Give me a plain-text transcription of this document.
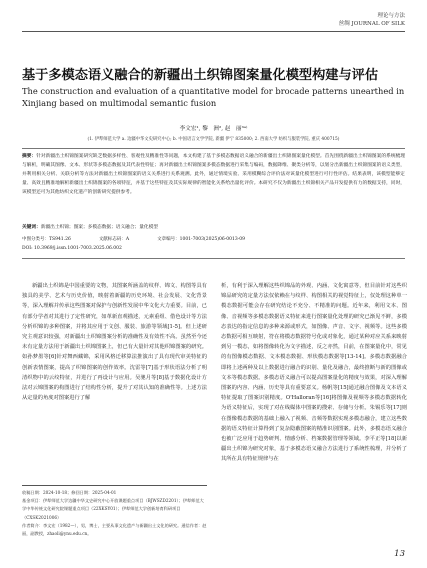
理论与方法
丝绸 JOURNAL OF SILK
基于多模态语义融合的新疆出土织锦图案量化模型构建与评估
The construction and evaluation of a quantitative model for brocade patterns unearthed in Xinjiang based on multimodal semantic fusion
李文宏¹, 黎　洲², 赵　丽³ᵃ⁾
(1. 伊犁师范大学 a. 边疆中华文史研究中心; b. 中国语言文学学院, 新疆 伊宁 835000; 2. 西南大学 纺织与服装学院, 重庆 400715)
摘要：针对新疆出土织锦图案研究缺乏数据多样性、客观性及精准性等问题，本文构建了基于多模态数据语义融合的新疆出土织锦图案量化模型。首先围绕新疆出土织锦图案的系统梳理与解析，明确其图像、文本、形状等多模态数据及其代表性特征；再对新疆出土织锦图案多模态数据进行采集与编码，数据降维、聚类分析等，以划分出新疆出土织锦图案的语义类型，并利用相关分析、关联分析等方法对新疆出土织锦图案的语义关系进行关系观测。此外，通过情境实验、采用模糊综合评价法对该量化模型进行可行性评估。结果表明，该模型能够定量、高效且精准地解析新疆出土织锦图案的各项特征，并基于这些特征及其实际规律的智能化关系给出量化评价。本研究不仅为新疆出土织锦相关产品开发提供有力的数据支持，同时，该模型还可为其他纺织文化遗产的创新研究提供参考。
关键词：新疆出土织锦；图案；多模态数据；语义融合；量化模型
中图分类号：TS941.26	文献标志码：A	文章编号：1001-7003(2025)06-0013-09
DOI: 10.3969/j.issn.1001-7003.2025.06.002

新疆出土织锦是中国重要的文物，其图案所涵盖的纹样、锦文、构图等具有独具的美学、艺术与历史价值，映射着新疆的历史环境、社会发展、文化背景等，深入理解并传承这些图案对保护与创新性发展中华文化大力重要。目前，已有部分学者对其进行了定性研究，如革新直观描述，元素重组、借色设计等方法分析织锦的多种图案，并将其应用于文创、服装、旅游等领域[1-5]。但上述研究主观意识较强，对新疆出土织锦图案分析的准确性及有效性不高。虽然至今还未有定量方法用于新疆出土织锦图案上，但已有大量针对其他织锦图案的研究。如孙梦墨等[6]针对舞西藏锦，采用风格迁移算法推演出了具有现代审美特征的创新表情图案，提高了织锦图案的创作效率。沈雷等[7]基于形状语法分析了明清织物中的云纹特征，并进行了再设计与应用。吴驰月等[8]基于数据化设计方法对云锦图案的构图进行了结构性分析，提升了对其认知的准确性等。上述方法从定量的角度对图案进行了解

析，有利于深入理解这些织锦品的外观、内涵、文化寓意等，但目前针对这些织锦品研究的定量方法仅依赖在与纹样、构图相关的视觉特征上，仅处理这种单一模态数据可能会存在研究结论不充分、不精准的问题。近年来，利用文本、图像、音视频等多模态数据语义特征来进行图案量化处理的研究已渐见不鲜，多模态表达的指定信息的多种来源或形式，如图像、声音、文字、视频等。这些多模态数据可相互映射，符在将模态数据符号化或对象化，通过某种对应关系来映射到另一模态，如将图像转化为文字描述，反之亦然，目前，在图案量化中，常见的有图像模态数据、文本模态数据、形状模态数据等[13-14]。多模态数据融合即将上述两种及以上数据进行融合的识别、量化及融合，最终推断与新的图像或文本等模态数据。多模态语义融合可以提高图案量化的精度与效果，对深入理解图案的内容、内涵、历史等具有重要意义。杨帆等[15]通过融合图像及文本语义特征提取了图案识别精度。O'Halloran等[16]将图像及视频等多模态数据转化为语义特征后，实现了对在线媒体中图案的搜索、存储与分析。朱锡乐等[17]则在图像模态数据的基础上融入了视频、音频等数据实现多模态融合，建立这些数据的语义特征计算得到了复杂隐蔽图案的精准识别图案。此外，多模态语义融合也被广泛应用于趋势研判、情感分析、档案数据管理等领域。李平正等[18]以新疆出土织锦为研究对象，基于多模态语义融合方法进行了系统性梳理，并分析了其所在具有特征规律与在

收稿日期：2024-10-18；修回日期：2025-04-01
基金项目：伊犁师范大学边疆中华文史研究中心开放课题重点项目（BJWSZD2201）；伊犁师范大学中华传统文化研究院课题重点项目（22XKSY01）；伊犁师范大学创新培育科研项目（CXSK2021006）
作者简介：李文宏（1982—），男，博士，主要从事文化遗产与新疆出土文化的研究。通信作者：赵丽，副教授，zhaoli@ynu.edu.cn。
13
